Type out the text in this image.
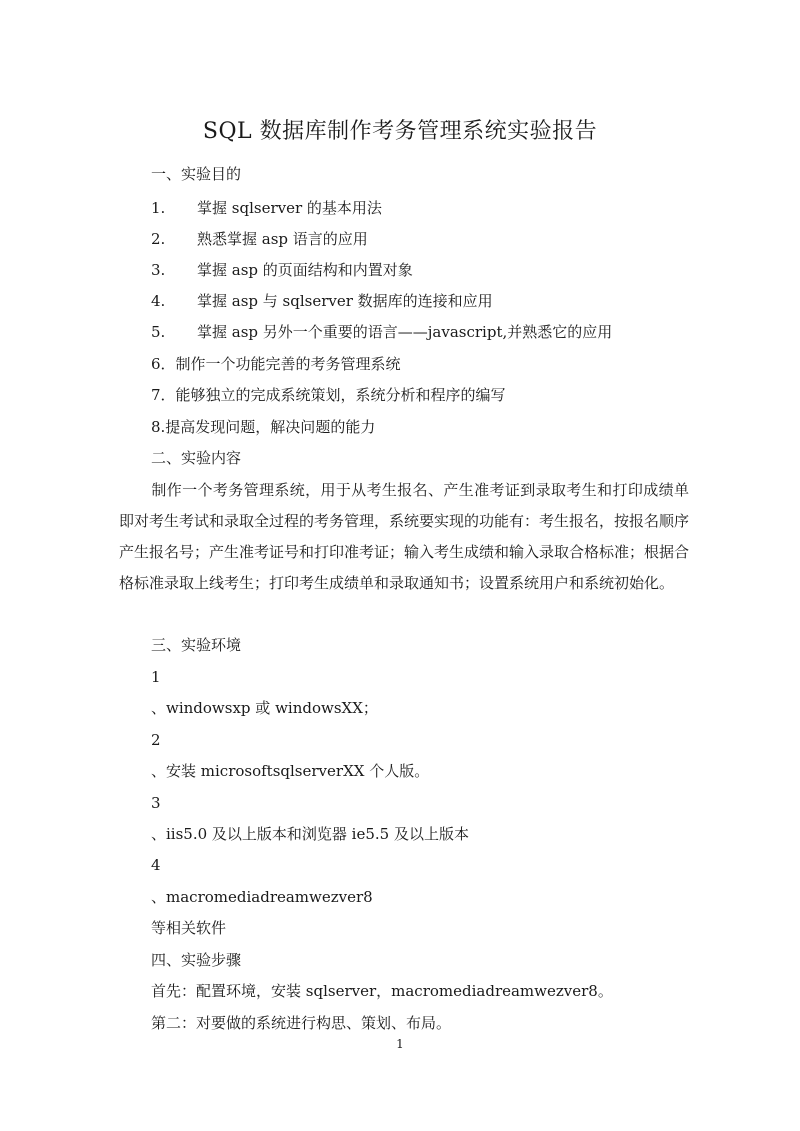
SQL 数据库制作考务管理系统实验报告
一、实验目的
1. 掌握 sqlserver 的基本用法
2. 熟悉掌握 asp 语言的应用
3. 掌握 asp 的页面结构和内置对象
4. 掌握 asp 与 sqlserver 数据库的连接和应用
5. 掌握 asp 另外一个重要的语言——javascript,并熟悉它的应用
6．制作一个功能完善的考务管理系统
7．能够独立的完成系统策划，系统分析和程序的编写
8.提高发现问题，解决问题的能力
二、实验内容
制作一个考务管理系统，用于从考生报名、产生准考证到录取考生和打印成绩单即对考生考试和录取全过程的考务管理，系统要实现的功能有：考生报名，按报名顺序产生报名号；产生准考证号和打印准考证；输入考生成绩和输入录取合格标准；根据合格标准录取上线考生；打印考生成绩单和录取通知书；设置系统用户和系统初始化。
三、实验环境
1
、windowsxp 或 windowsXX；
2
、安装 microsoftsqlserverXX 个人版。
3
、iis5.0 及以上版本和浏览器 ie5.5 及以上版本
4
、macromediadreamwezver8
等相关软件
四、实验步骤
首先：配置环境，安装 sqlserver，macromediadreamwezver8。
第二：对要做的系统进行构思、策划、布局。
1
